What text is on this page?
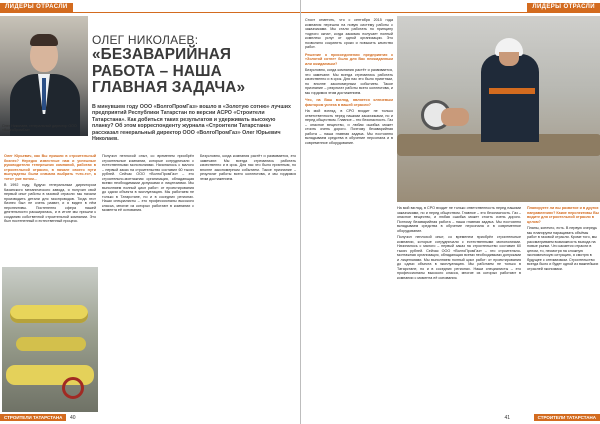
ЛИДЕРЫ ОТРАСЛИ
Олег Николаев, генеральный директор ООО «ВолгоПромГаз»
ОЛЕГ НИКОЛАЕВ:
«БЕЗАВАРИЙНАЯ РАБОТА – НАША ГЛАВНАЯ ЗАДАЧА»
В минувшем году ООО «ВолгоПромГаз» вошло в «Золотую сотню» лучших предприятий Республики Татарстан по версии АСРО «Строители Татарстана». Как добиться таких результатов и удерживать высокую планку? Об этом корреспонденту журнала «Строители Татарстана» рассказал генеральный директор ООО «ВолгоПромГаз» Олег Юрьевич Николаев.
Олег Юрьевич, как Вы пришли в строительный бизнес? Нередко известные нам и успешные руководители теперешних компаний, работая в строительной отрасли, в начале своего пути вынуждены были сначала выбрать «что-то», а «кто» уже потом…
В 1992 году, будучи генеральным директором Казанского механического завода, я получил свой первый опыт работы в газовой отрасли: мы начали производить детали для газопроводов. Тогда этот бизнес был не очень развит, и я видел в нём перспективы. Постепенно сфера нашей деятельности расширялась, и в итоге мы пришли к созданию собственной строительной компании. Это был постепенный и естественный процесс.
Получил неплохой опыт, со временем приобрёл строительные компании, которые сотрудничали с естественными монополиями. Начиналось с малого – первый заказ на строительство составил 60 тысяч рублей. Сейчас ООО «ВолгоПромГаз» – это строительно-монтажная организация, обладающая всеми необходимыми допусками и лицензиями. Мы выполняем полный цикл работ: от проектирования до сдачи объекта в эксплуатацию. Мы работаем не только в Татарстане, но и в соседних регионах. Наши специалисты – это профессионалы высокого класса, многие из которых работают в компании с момента её основания.
Безусловно, когда компания растёт и развивается, это замечают. Мы всегда стремились работать качественно и в срок. Для нас это было приятным, но вполне закономерным событием. Такое признание – результат работы всего коллектива, и мы гордимся этим достижением.
СТРОИТЕЛИ ТАТАРСТАНА	40
ЛИДЕРЫ ОТРАСЛИ
Стоит отметить, что с сентября 2015 года компания перешла на новую систему работы с заказчиками. Мы стали работать по принципу «одного окна», когда заказчик получает полный комплекс услуг от одной организации. Это позволило сократить сроки и повысить качество работ.
Решение о присоединении предприятия к «Золотой сотне» было для Вас неожиданным или ожидаемым?
Безусловно, когда компания растёт и развивается, это замечают. Мы всегда стремились работать качественно и в срок. Для нас это было приятным, но вполне закономерным событием. Такое признание – результат работы всего коллектива, и мы гордимся этим достижением.
Что, на Ваш взгляд, является ключевым фактором успеха в вашей отрасли?
На мой взгляд, в СРО входит не только ответственность перед нашими заказчиками, но и перед обществом. Главное – это безопасность. Газ – опасное вещество, и любая ошибка может стоить очень дорого. Поэтому безаварийная работа – наша главная задача. Мы постоянно вкладываем средства в обучение персонала и в современное оборудование.
На мой взгляд, в СРО входит не только ответственность перед нашими заказчиками, но и перед обществом. Главное – это безопасность. Газ – опасное вещество, и любая ошибка может стоить очень дорого. Поэтому безаварийная работа – наша главная задача. Мы постоянно вкладываем средства в обучение персонала и в современное оборудование.
Получил неплохой опыт, со временем приобрёл строительные компании, которые сотрудничали с естественными монополиями. Начиналось с малого – первый заказ на строительство составил 60 тысяч рублей. Сейчас ООО «ВолгоПромГаз» – это строительно-монтажная организация, обладающая всеми необходимыми допусками и лицензиями. Мы выполняем полный цикл работ: от проектирования до сдачи объекта в эксплуатацию. Мы работаем не только в Татарстане, но и в соседних регионах. Наши специалисты – это профессионалы высокого класса, многие из которых работают в компании с момента её основания.
Планируете ли вы развитие и в других направлениях? Какие перспективы Вы видите для строительной отрасли в целом?
Планы, конечно, есть. В первую очередь мы планируем наращивать объёмы работ в газовой отрасли. Кроме того, мы рассматриваем возможность выхода на новые рынки. Что касается отрасли в целом, то, несмотря на сложную экономическую ситуацию, я смотрю в будущее с оптимизмом. Строительство всегда было и будет одной из важнейших отраслей экономики.
СТРОИТЕЛИ ТАТАРСТАНА
41
